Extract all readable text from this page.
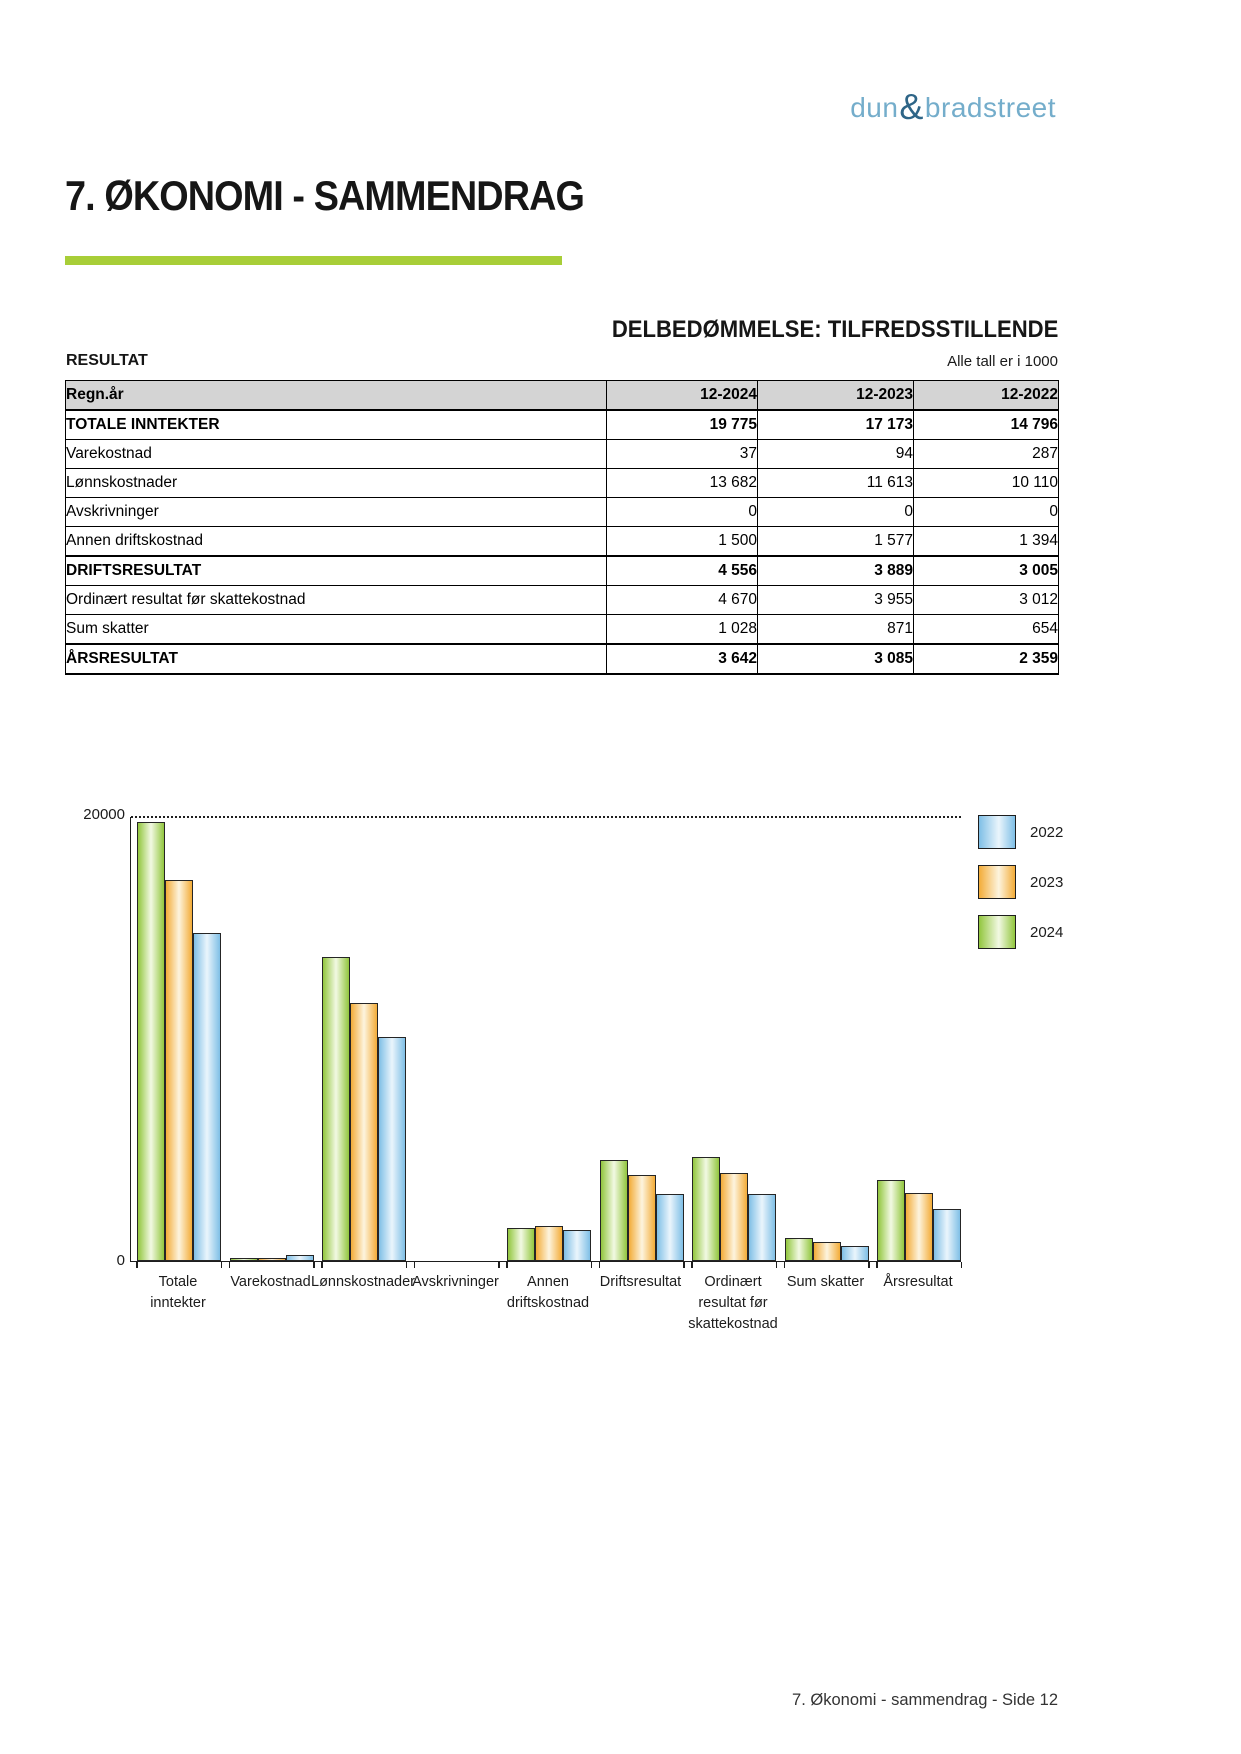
dun & bradstreet
7. ØKONOMI - SAMMENDRAG
DELBEDØMMELSE: TILFREDSSTILLENDE
RESULTAT	Alle tall er i 1000
Regn.år	12-2024	12-2023	12-2022
TOTALE INNTEKTER	19 775	17 173	14 796
Varekostnad	37	94	287
Lønnskostnader	13 682	11 613	10 110
Avskrivninger	0	0	0
Annen driftskostnad	1 500	1 577	1 394
DRIFTSRESULTAT	4 556	3 889	3 005
Ordinært resultat før skattekostnad	4 670	3 955	3 012
Sum skatter	1 028	871	654
ÅRSRESULTAT	3 642	3 085	2 359
20000
0
Totale
inntekter
Varekostnad Lønnskostnader
Avskrivninger	Annen
driftskostnad
Driftsresultat	Ordinært
resultat før
skattekostnad
Sum skatter	Årsresultat
2022
2023
2024
7. Økonomi - sammendrag - Side 12
